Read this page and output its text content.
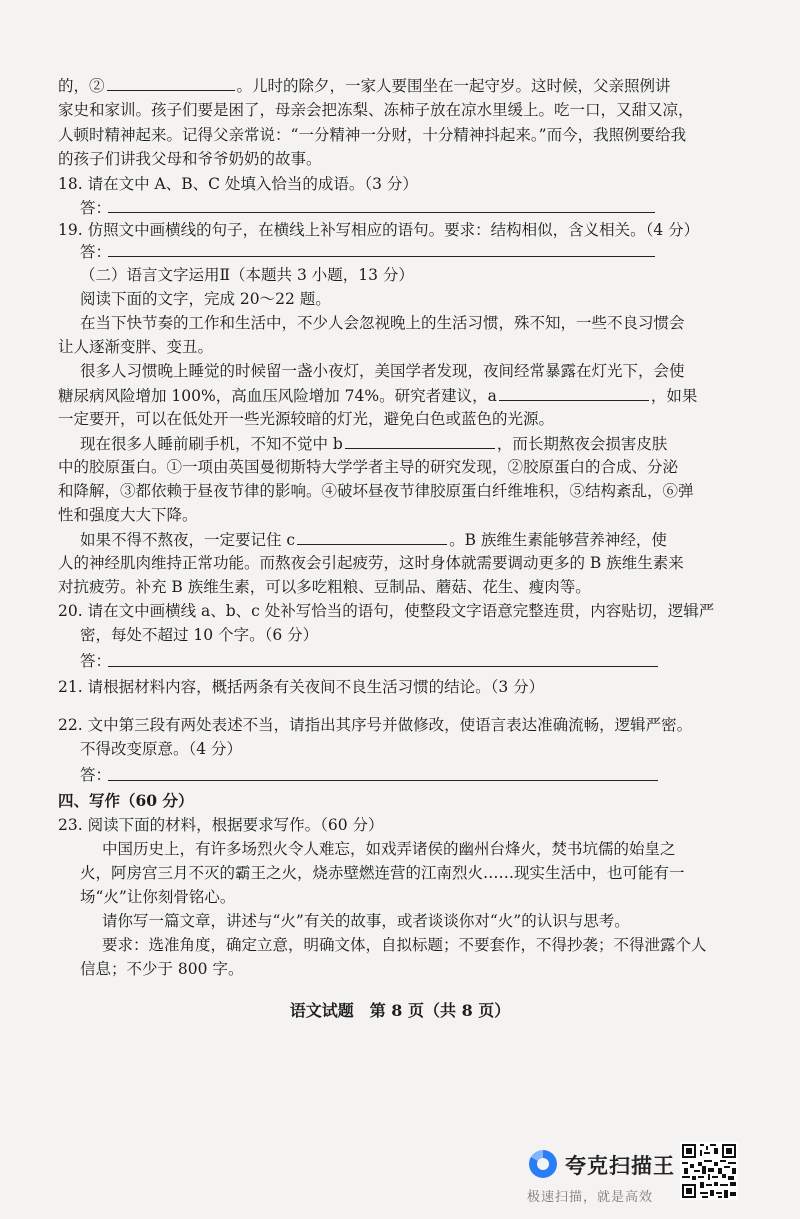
的，②	。儿时的除夕，一家人要围坐在一起守岁。这时候，父亲照例讲
家史和家训。孩子们要是困了，母亲会把冻梨、冻柿子放在凉水里缓上。吃一口，又甜又凉，
人顿时精神起来。记得父亲常说：“一分精神一分财，十分精神抖起来。”而今，我照例要给我
的孩子们讲我父母和爷爷奶奶的故事。
18. 请在文中 A、B、C 处填入恰当的成语。（3 分）
答：
19. 仿照文中画横线的句子，在横线上补写相应的语句。要求：结构相似，含义相关。（4 分）
答：
（二）语言文字运用Ⅱ（本题共 3 小题，13 分）
阅读下面的文字，完成 20～22 题。
在当下快节奏的工作和生活中，不少人会忽视晚上的生活习惯，殊不知，一些不良习惯会
让人逐渐变胖、变丑。
很多人习惯晚上睡觉的时候留一盏小夜灯，美国学者发现，夜间经常暴露在灯光下，会使
糖尿病风险增加 100%，高血压风险增加 74%。研究者建议，a	，如果
一定要开，可以在低处开一些光源较暗的灯光，避免白色或蓝色的光源。
现在很多人睡前刷手机，不知不觉中 b	，而长期熬夜会损害皮肤
中的胶原蛋白。①一项由英国曼彻斯特大学学者主导的研究发现，②胶原蛋白的合成、分泌
和降解，③都依赖于昼夜节律的影响。④破坏昼夜节律胶原蛋白纤维堆积，⑤结构紊乱，⑥弹
性和强度大大下降。
如果不得不熬夜，一定要记住 c	。B 族维生素能够营养神经，使
人的神经肌肉维持正常功能。而熬夜会引起疲劳，这时身体就需要调动更多的 B 族维生素来
对抗疲劳。补充 B 族维生素，可以多吃粗粮、豆制品、蘑菇、花生、瘦肉等。
20. 请在文中画横线 a、b、c 处补写恰当的语句，使整段文字语意完整连贯，内容贴切，逻辑严
密，每处不超过 10 个字。（6 分）
答：
21. 请根据材料内容，概括两条有关夜间不良生活习惯的结论。（3 分）
22. 文中第三段有两处表述不当，请指出其序号并做修改，使语言表达准确流畅，逻辑严密。
不得改变原意。（4 分）
答：
四、写作（60 分）
23. 阅读下面的材料，根据要求写作。（60 分）
中国历史上，有许多场烈火令人难忘，如戏弄诸侯的幽州台烽火，焚书坑儒的始皇之
火，阿房宫三月不灭的霸王之火，烧赤壁燃连营的江南烈火……现实生活中，也可能有一
场“火”让你刻骨铭心。
请你写一篇文章，讲述与“火”有关的故事，或者谈谈你对“火”的认识与思考。
要求：选准角度，确定立意，明确文体，自拟标题；不要套作，不得抄袭；不得泄露个人
信息；不少于 800 字。
语文试题　第 8 页（共 8 页）
夸克扫描王
极速扫描，就是高效
